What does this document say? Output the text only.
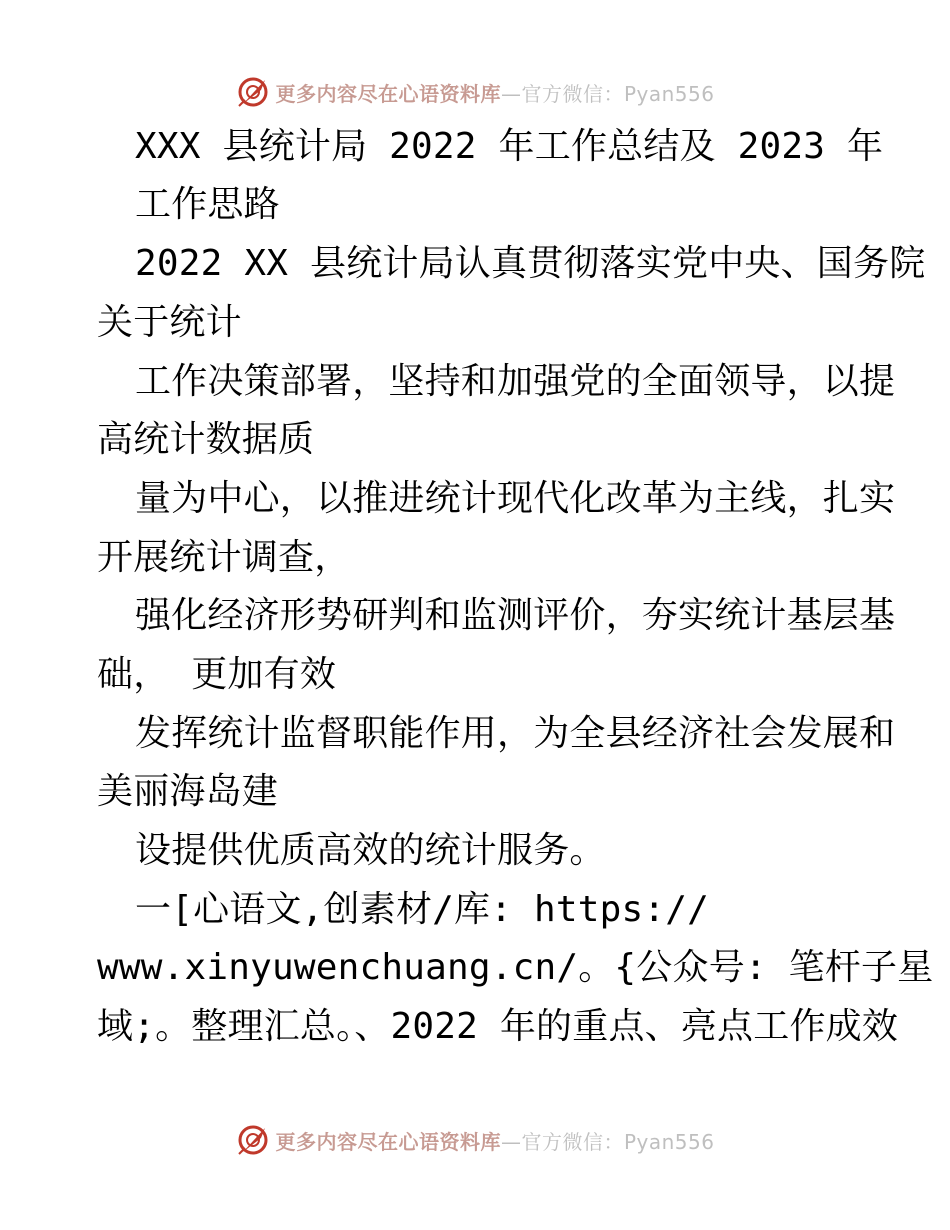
更多内容尽在心语资料库—官方微信：Pyan556
XXX 县统计局 2022 年工作总结及 2023 年
工作思路
2022 XX 县统计局认真贯彻落实党中央、国务院
关于统计
工作决策部署，坚持和加强党的全面领导，以提
高统计数据质
量为中心，以推进统计现代化改革为主线，扎实
开展统计调查，
强化经济形势研判和监测评价，夯实统计基层基
础， 更加有效
发挥统计监督职能作用，为全县经济社会发展和
美丽海岛建
设提供优质高效的统计服务。
一[心语文,创素材/库: https://
www.xinyuwenchuang.cn/。{公众号: 笔杆子星
域;。整理汇总。、2022 年的重点、亮点工作成效
更多内容尽在心语资料库—官方微信：Pyan556
